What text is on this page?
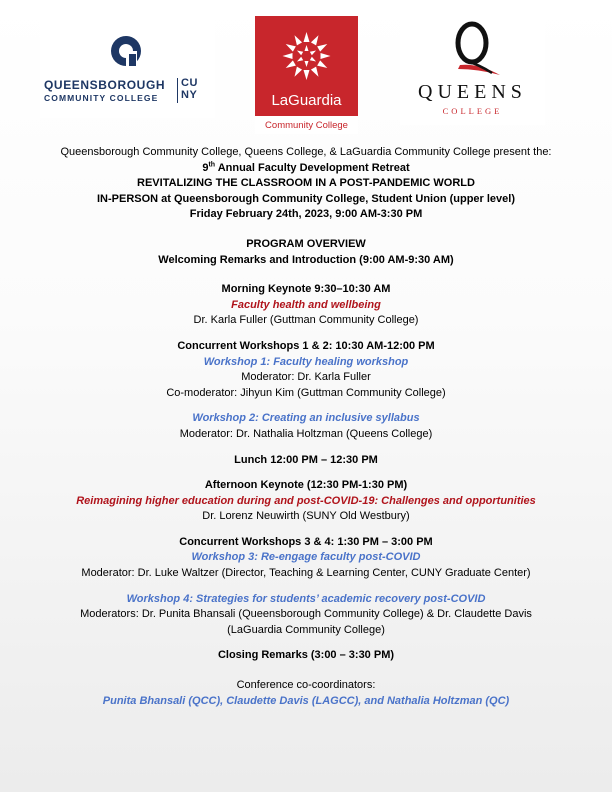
QUEENSBOROUGH
COMMUNITY COLLEGE
CU
NY	LaGuardia
Community College
QUEENS
COLLEGE
Queensborough Community College, Queens College, & LaGuardia Community College present the:
9th Annual Faculty Development Retreat
REVITALIZING THE CLASSROOM IN A POST-PANDEMIC WORLD
IN-PERSON at Queensborough Community College, Student Union (upper level)
Friday February 24th, 2023, 9:00 AM-3:30 PM
PROGRAM OVERVIEW
Welcoming Remarks and Introduction (9:00 AM-9:30 AM)
Morning Keynote 9:30–10:30 AM
Faculty health and wellbeing
Dr. Karla Fuller (Guttman Community College)
Concurrent Workshops 1 & 2: 10:30 AM-12:00 PM
Workshop 1: Faculty healing workshop
Moderator: Dr. Karla Fuller
Co-moderator: Jihyun Kim (Guttman Community College)
Workshop 2: Creating an inclusive syllabus
Moderator: Dr. Nathalia Holtzman (Queens College)
Lunch 12:00 PM – 12:30 PM
Afternoon Keynote (12:30 PM-1:30 PM)
Reimagining higher education during and post-COVID-19: Challenges and opportunities
Dr. Lorenz Neuwirth (SUNY Old Westbury)
Concurrent Workshops 3 & 4: 1:30 PM – 3:00 PM
Workshop 3: Re-engage faculty post-COVID
Moderator: Dr. Luke Waltzer (Director, Teaching & Learning Center, CUNY Graduate Center)
Workshop 4: Strategies for students’ academic recovery post-COVID
Moderators: Dr. Punita Bhansali (Queensborough Community College) & Dr. Claudette Davis
(LaGuardia Community College)
Closing Remarks (3:00 – 3:30 PM)
Conference co-coordinators:
Punita Bhansali (QCC), Claudette Davis (LAGCC), and Nathalia Holtzman (QC)
